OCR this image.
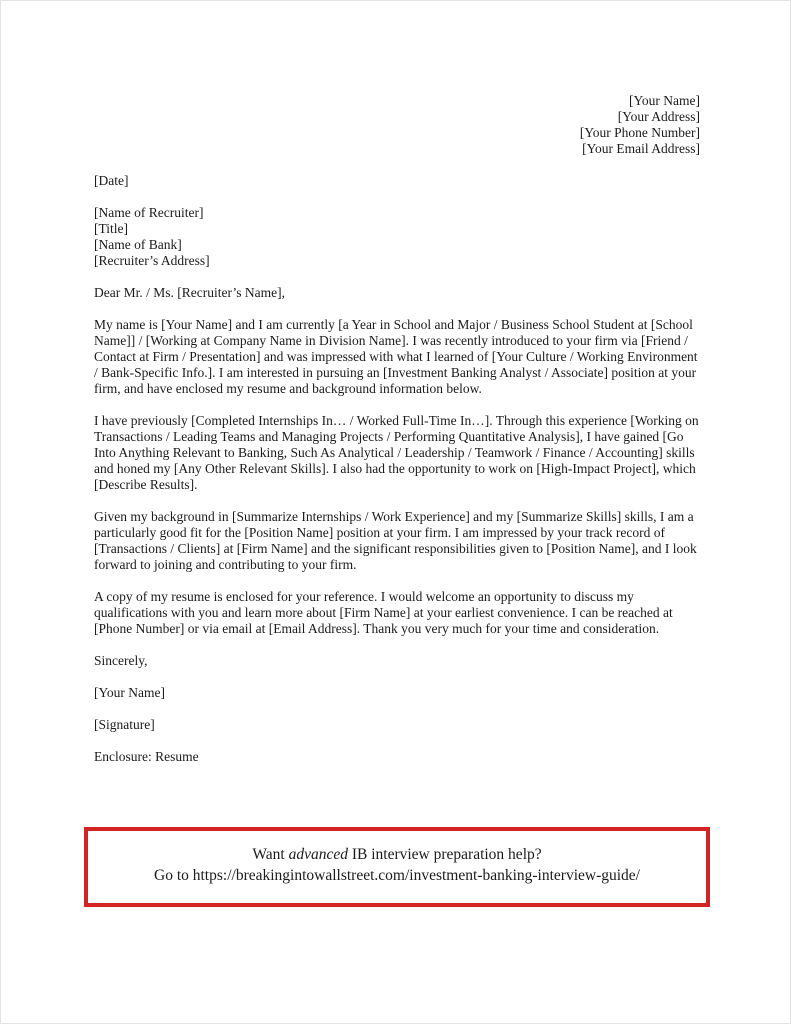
[Your Name]
[Your Address]
[Your Phone Number]
[Your Email Address]
[Date]
[Name of Recruiter]
[Title]
[Name of Bank]
[Recruiter’s Address]

Dear Mr. / Ms. [Recruiter’s Name],

My name is [Your Name] and I am currently [a Year in School and Major / Business School Student at [School Name]] / [Working at Company Name in Division Name]. I was recently introduced to your firm via [Friend / Contact at Firm / Presentation] and was impressed with what I learned of [Your Culture / Working Environment / Bank-Specific Info.]. I am interested in pursuing an [Investment Banking Analyst / Associate] position at your firm, and have enclosed my resume and background information below.

I have previously [Completed Internships In… / Worked Full-Time In…]. Through this experience [Working on Transactions / Leading Teams and Managing Projects / Performing Quantitative Analysis], I have gained [Go Into Anything Relevant to Banking, Such As Analytical / Leadership / Teamwork / Finance / Accounting] skills and honed my [Any Other Relevant Skills]. I also had the opportunity to work on [High-Impact Project], which [Describe Results].

Given my background in [Summarize Internships / Work Experience] and my [Summarize Skills] skills, I am a particularly good fit for the [Position Name] position at your firm. I am impressed by your track record of [Transactions / Clients] at [Firm Name] and the significant responsibilities given to [Position Name], and I look forward to joining and contributing to your firm.

A copy of my resume is enclosed for your reference. I would welcome an opportunity to discuss my qualifications with you and learn more about [Firm Name] at your earliest convenience. I can be reached at [Phone Number] or via email at [Email Address]. Thank you very much for your time and consideration.

Sincerely,

[Your Name]

[Signature]

Enclosure: Resume

Want advanced IB interview preparation help?
Go to https://breakingintowallstreet.com/investment-banking-interview-guide/
